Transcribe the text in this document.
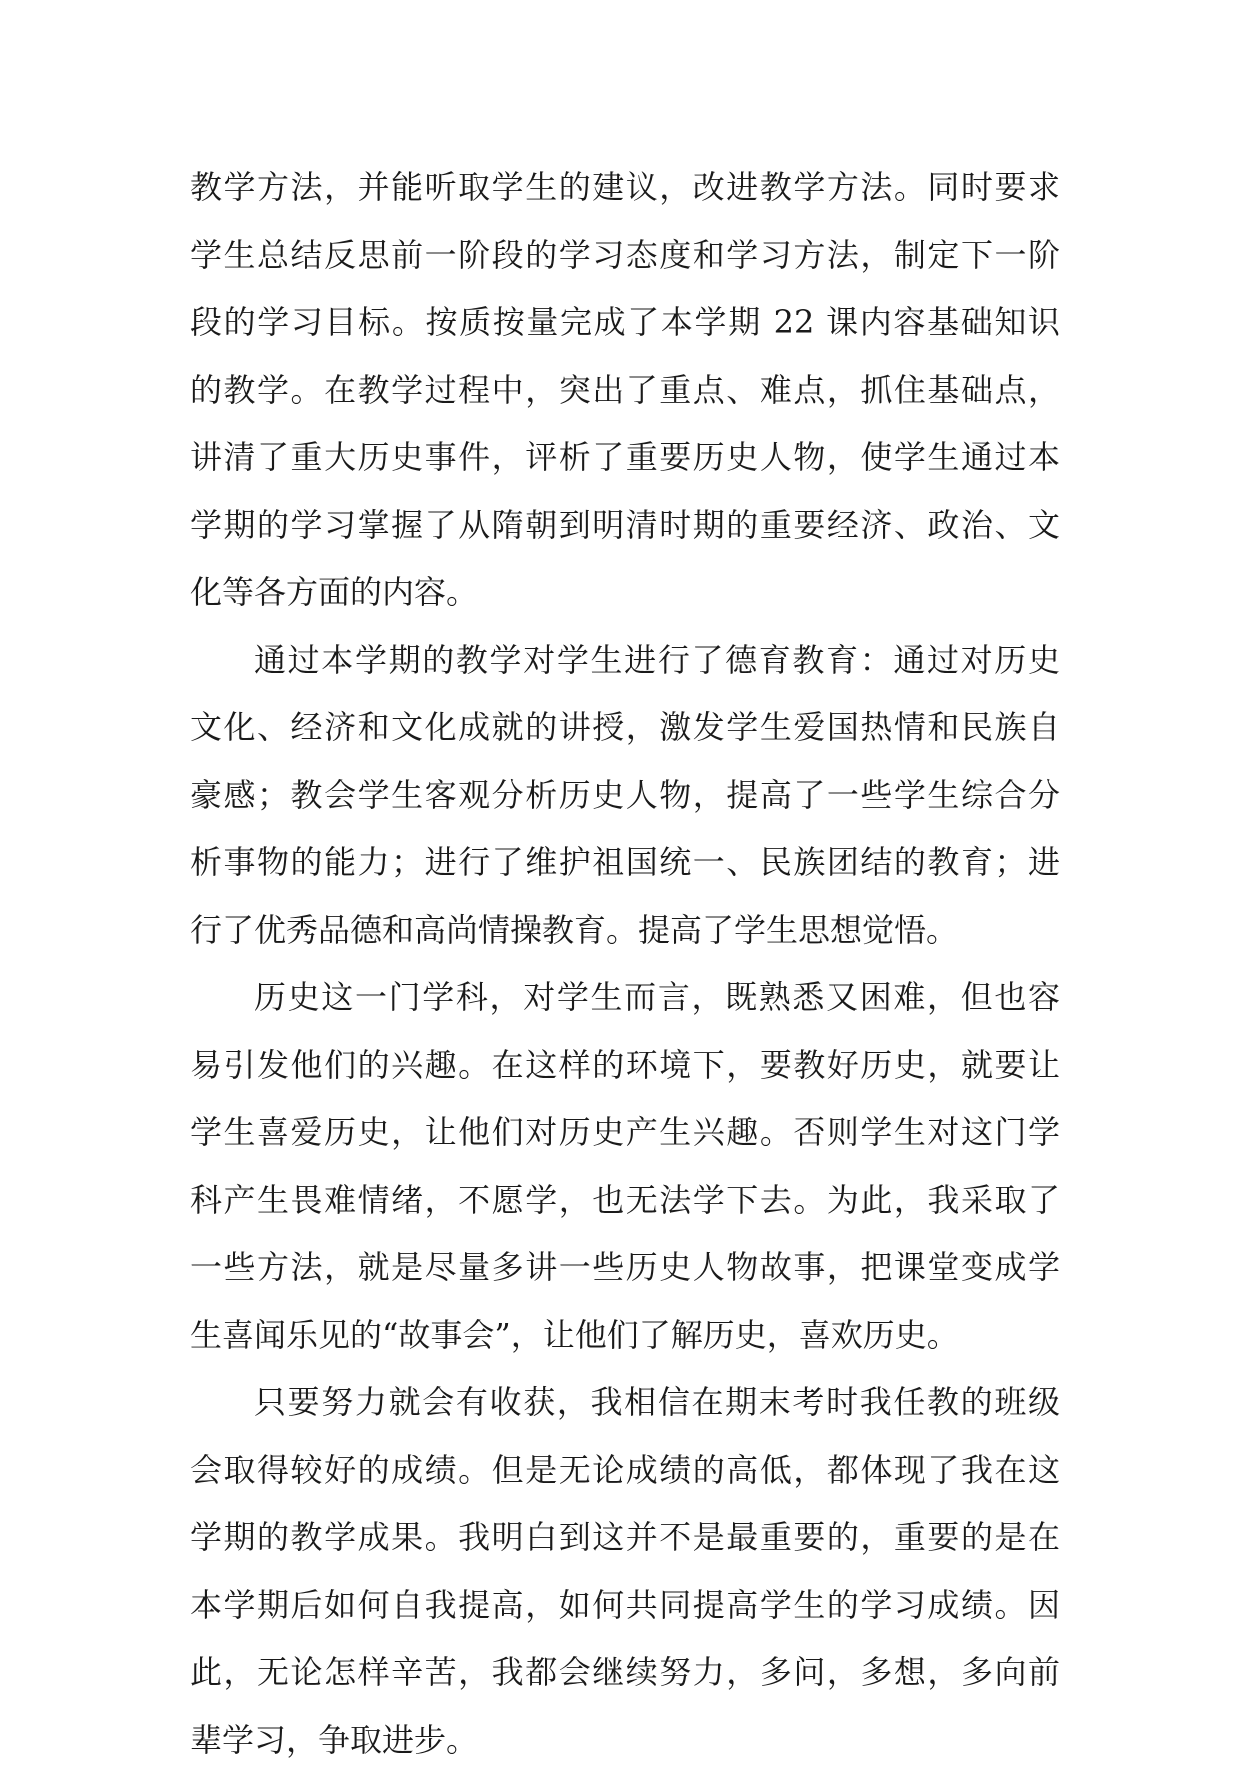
教学方法，并能听取学生的建议，改进教学方法。同时要求
学生总结反思前一阶段的学习态度和学习方法，制定下一阶
段的学习目标。按质按量完成了本学期 22 课内容基础知识
的教学。在教学过程中，突出了重点、难点，抓住基础点，
讲清了重大历史事件，评析了重要历史人物，使学生通过本
学期的学习掌握了从隋朝到明清时期的重要经济、政治、文
化等各方面的内容。
通过本学期的教学对学生进行了德育教育：通过对历史
文化、经济和文化成就的讲授，激发学生爱国热情和民族自
豪感；教会学生客观分析历史人物，提高了一些学生综合分
析事物的能力；进行了维护祖国统一、民族团结的教育；进
行了优秀品德和高尚情操教育。提高了学生思想觉悟。
历史这一门学科，对学生而言，既熟悉又困难，但也容
易引发他们的兴趣。在这样的环境下，要教好历史，就要让
学生喜爱历史，让他们对历史产生兴趣。否则学生对这门学
科产生畏难情绪，不愿学，也无法学下去。为此，我采取了
一些方法，就是尽量多讲一些历史人物故事，把课堂变成学
生喜闻乐见的“故事会”，让他们了解历史，喜欢历史。
只要努力就会有收获，我相信在期末考时我任教的班级
会取得较好的成绩。但是无论成绩的高低，都体现了我在这
学期的教学成果。我明白到这并不是最重要的，重要的是在
本学期后如何自我提高，如何共同提高学生的学习成绩。因
此，无论怎样辛苦，我都会继续努力，多问，多想，多向前
辈学习，争取进步。
